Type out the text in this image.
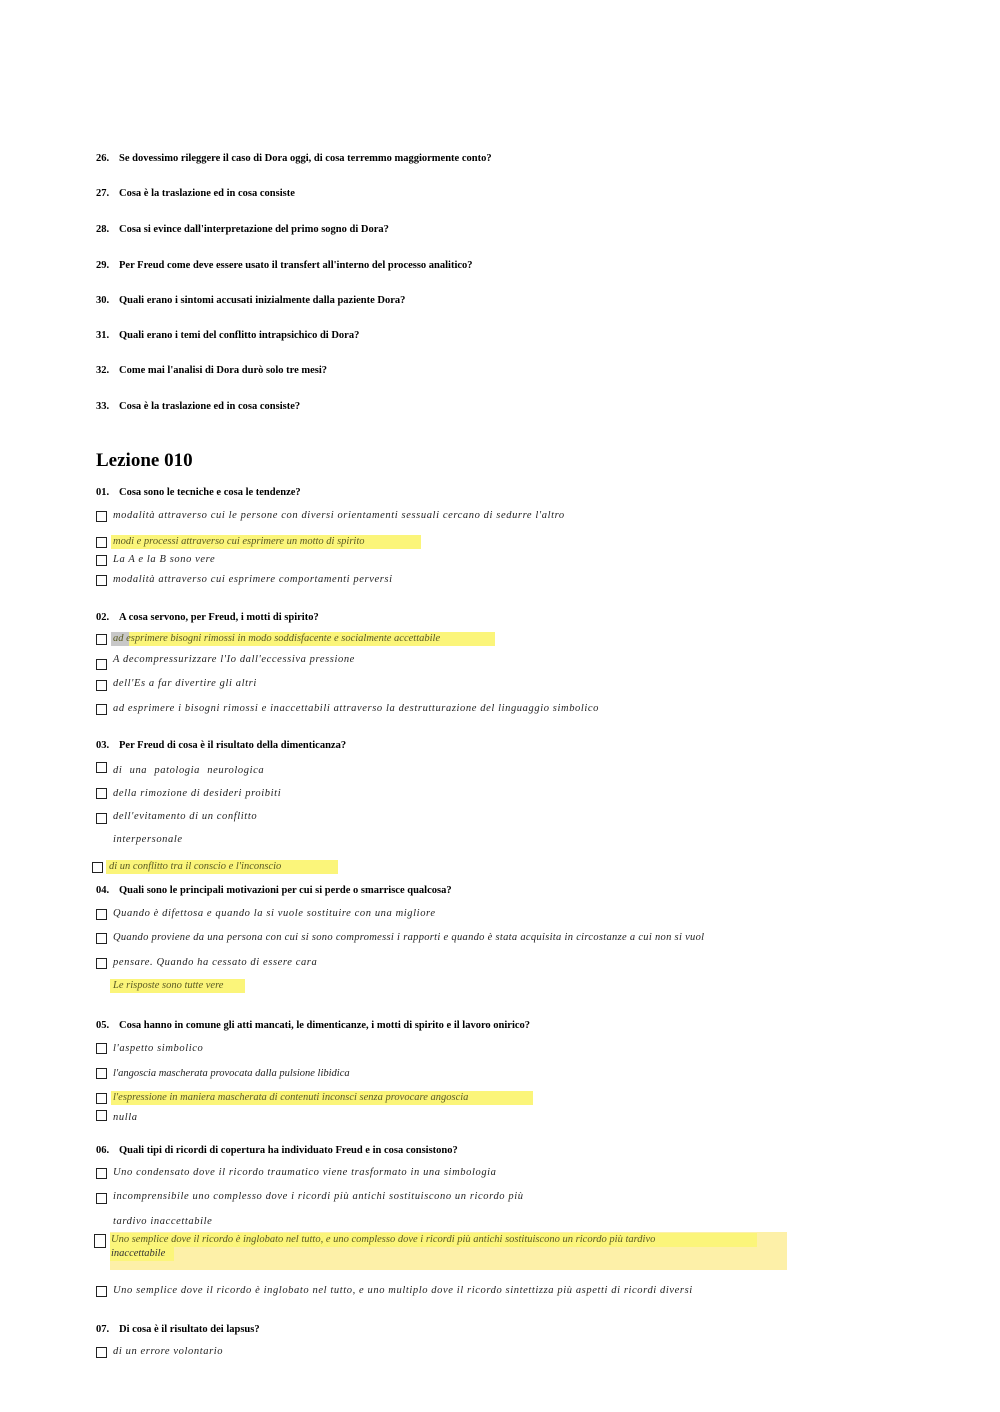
26. Se dovessimo rileggere il caso di Dora oggi, di cosa terremmo maggiormente conto?
27. Cosa è la traslazione ed in cosa consiste
28. Cosa si evince dall'interpretazione del primo sogno di Dora?
29. Per Freud come deve essere usato il transfert all'interno del processo analitico?
30. Quali erano i sintomi accusati inizialmente dalla paziente Dora?
31. Quali erano i temi del conflitto intrapsichico di Dora?
32. Come mai l'analisi di Dora durò solo tre mesi?
33. Cosa è la traslazione ed in cosa consiste?
Lezione 010
01. Cosa sono le tecniche e cosa le tendenze?
modalità attraverso cui le persone con diversi orientamenti sessuali cercano di sedurre l'altro
modi e processi attraverso cui esprimere un motto di spirito
La A e la B sono vere
modalità attraverso cui esprimere comportamenti perversi
02. A cosa servono, per Freud, i motti di spirito?
ad esprimere bisogni rimossi in modo soddisfacente e socialmente accettabile
A decompressurizzare l'Io dall'eccessiva pressione
dell'Es a far divertire gli altri
ad esprimere i bisogni rimossi e inaccettabili attraverso la destrutturazione del linguaggio simbolico
03. Per Freud di cosa è il risultato della dimenticanza?
di una patologia neurologica
della rimozione di desideri proibiti
dell'evitamento di un conflitto
interpersonale
di un conflitto tra il conscio e l'inconscio
04. Quali sono le principali motivazioni per cui si perde o smarrisce qualcosa?
Quando è difettosa e quando la si vuole sostituire con una migliore
Quando proviene da una persona con cui si sono compromessi i rapporti e quando è stata acquisita in circostanze a cui non si vuol
pensare. Quando ha cessato di essere cara
Le risposte sono tutte vere
05. Cosa hanno in comune gli atti mancati, le dimenticanze, i motti di spirito e il lavoro onirico?
l'aspetto simbolico
l'angoscia mascherata provocata dalla pulsione libidica
l'espressione in maniera mascherata di contenuti inconsci senza provocare angoscia
nulla
06. Quali tipi di ricordi di copertura ha individuato Freud e in cosa consistono?
Uno condensato dove il ricordo traumatico viene trasformato in una simbologia
incomprensibile uno complesso dove i ricordi più antichi sostituiscono un ricordo più
tardivo inaccettabile
Uno semplice dove il ricordo è inglobato nel tutto, e uno complesso dove i ricordi più antichi sostituiscono un ricordo più tardivo
inaccettabile
Uno semplice dove il ricordo è inglobato nel tutto, e uno multiplo dove il ricordo sintettizza più aspetti di ricordi diversi
07. Di cosa è il risultato dei lapsus?
di un errore volontario
